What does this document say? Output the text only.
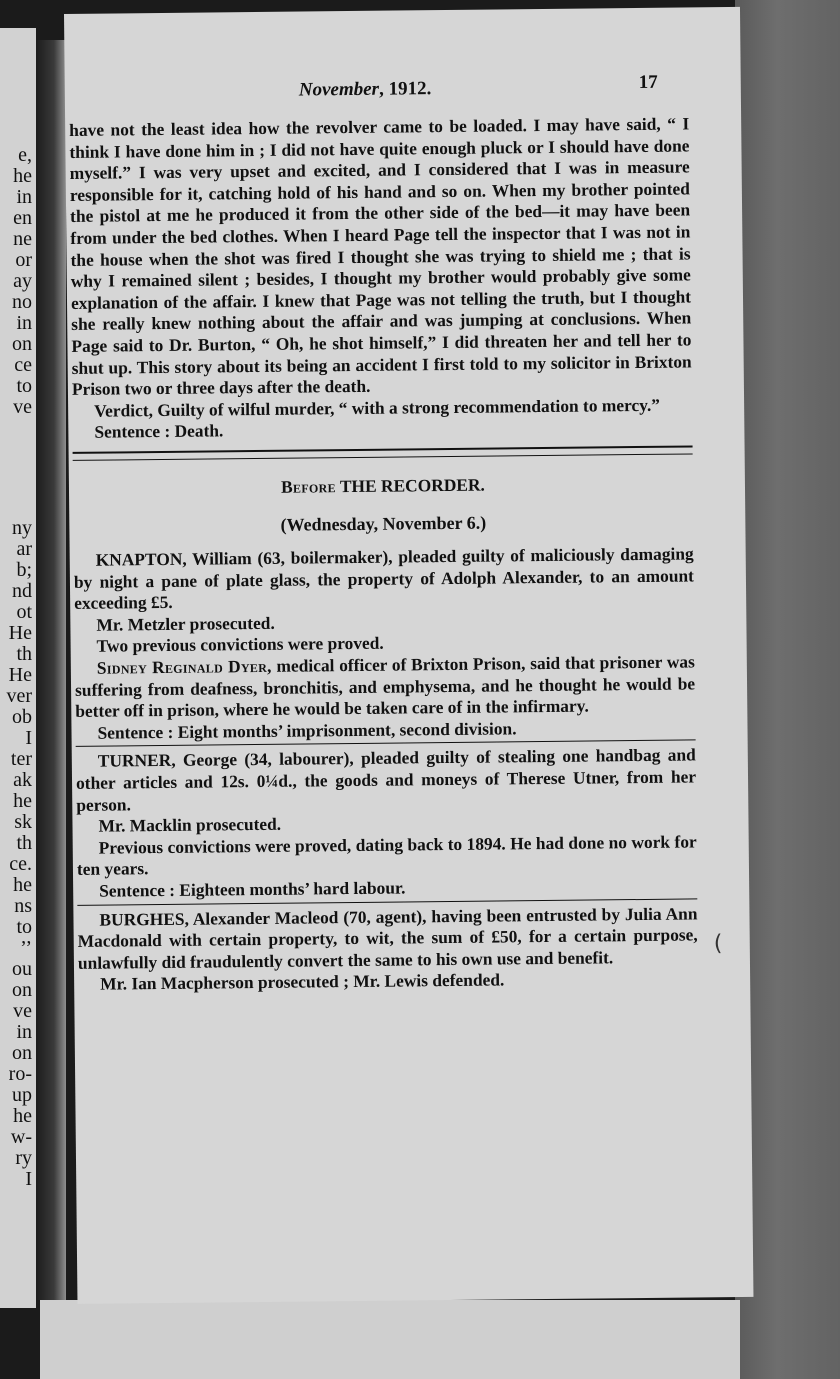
e,
he
in
en
ne
or
ay
no
in
on
ce
to
ve
ny
ar
b;
nd
ot
He
th
He
ver
ob
I
ter
ak
he
sk
th
ce.
he
ns
to
’’
ou
on
ve
in
on
ro-
up
he
w-
ry
I
November, 1912.	17

have not the least idea how the revolver came to be loaded. I may have said, “ I think I have done him in ; I did not have quite enough pluck or I should have done myself.” I was very upset and excited, and I considered that I was in measure responsible for it, catching hold of his hand and so on. When my brother pointed the pistol at me he produced it from the other side of the bed—it may have been from under the bed clothes. When I heard Page tell the inspector that I was not in the house when the shot was fired I thought she was trying to shield me ; that is why I remained silent ; besides, I thought my brother would probably give some explanation of the affair. I knew that Page was not telling the truth, but I thought she really knew nothing about the affair and was jumping at conclusions. When Page said to Dr. Burton, “ Oh, he shot himself,” I did threaten her and tell her to shut up. This story about its being an accident I first told to my solicitor in Brixton Prison two or three days after the death.

Verdict, Guilty of wilful murder, “ with a strong recommendation to mercy.”

Sentence : Death.

Before THE RECORDER.

(Wednesday, November 6.)

KNAPTON, William (63, boilermaker), pleaded guilty of maliciously damaging by night a pane of plate glass, the property of Adolph Alexander, to an amount exceeding £5.

Mr. Metzler prosecuted.

Two previous convictions were proved.

Sidney Reginald Dyer, medical officer of Brixton Prison, said that prisoner was suffering from deafness, bronchitis, and emphysema, and he thought he would be better off in prison, where he would be taken care of in the infirmary.

Sentence : Eight months’ imprisonment, second division.

TURNER, George (34, labourer), pleaded guilty of stealing one handbag and other articles and 12s. 0¼d., the goods and moneys of Therese Utner, from her person.

Mr. Macklin prosecuted.

Previous convictions were proved, dating back to 1894. He had done no work for ten years.

Sentence : Eighteen months’ hard labour.

BURGHES, Alexander Macleod (70, agent), having been entrusted by Julia Ann Macdonald with certain property, to wit, the sum of £50, for a certain purpose, unlawfully did fraudulently convert the same to his own use and benefit.

Mr. Ian Macpherson prosecuted ; Mr. Lewis defended.

(
